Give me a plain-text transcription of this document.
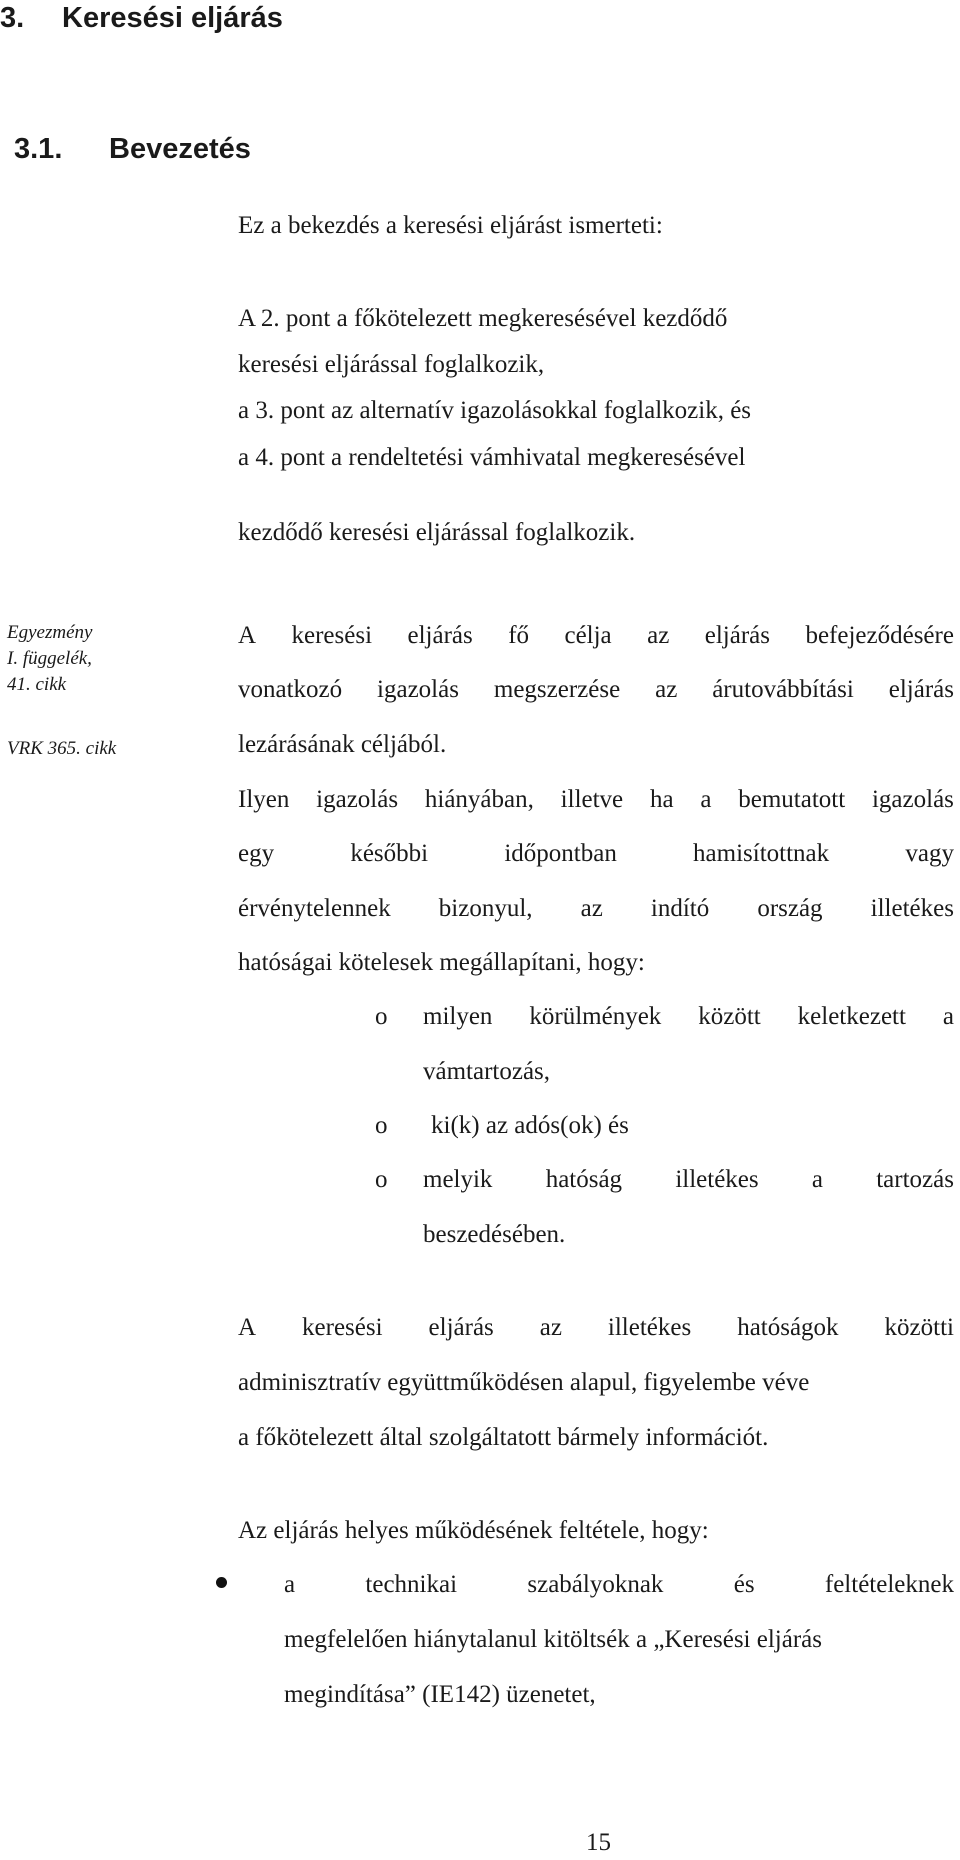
3. Keresési eljárás
3.1. Bevezetés
Ez a bekezdés a keresési eljárást ismerteti:
A 2. pont a főkötelezett megkeresésével kezdődő
keresési eljárással foglalkozik,
a 3. pont az alternatív igazolásokkal foglalkozik, és
a 4. pont a rendeltetési vámhivatal megkeresésével
kezdődő keresési eljárással foglalkozik.
Egyezmény
I. függelék,
41. cikk
VRK 365. cikk
A keresési eljárás fő célja az eljárás befejeződésére
vonatkozó igazolás megszerzése az árutovábbítási eljárás
lezárásának céljából.
Ilyen igazolás hiányában, illetve ha a bemutatott igazolás
egy	későbbi	időpontban	hamisítottnak	vagy
érvénytelennek bizonyul, az indító ország illetékes
hatóságai kötelesek megállapítani, hogy:
o milyen körülmények között keletkezett a
vámtartozás,
o ki(k) az adós(ok) és
o melyik hatóság illetékes a tartozás
beszedésében.
A keresési eljárás az illetékes hatóságok közötti
adminisztratív együttműködésen alapul, figyelembe véve
a főkötelezett által szolgáltatott bármely információt.
Az eljárás helyes működésének feltétele, hogy:
a	technikai	szabályoknak	és	feltételeknek
megfelelően hiánytalanul kitöltsék a „Keresési eljárás
megindítása” (IE142) üzenetet,
15
